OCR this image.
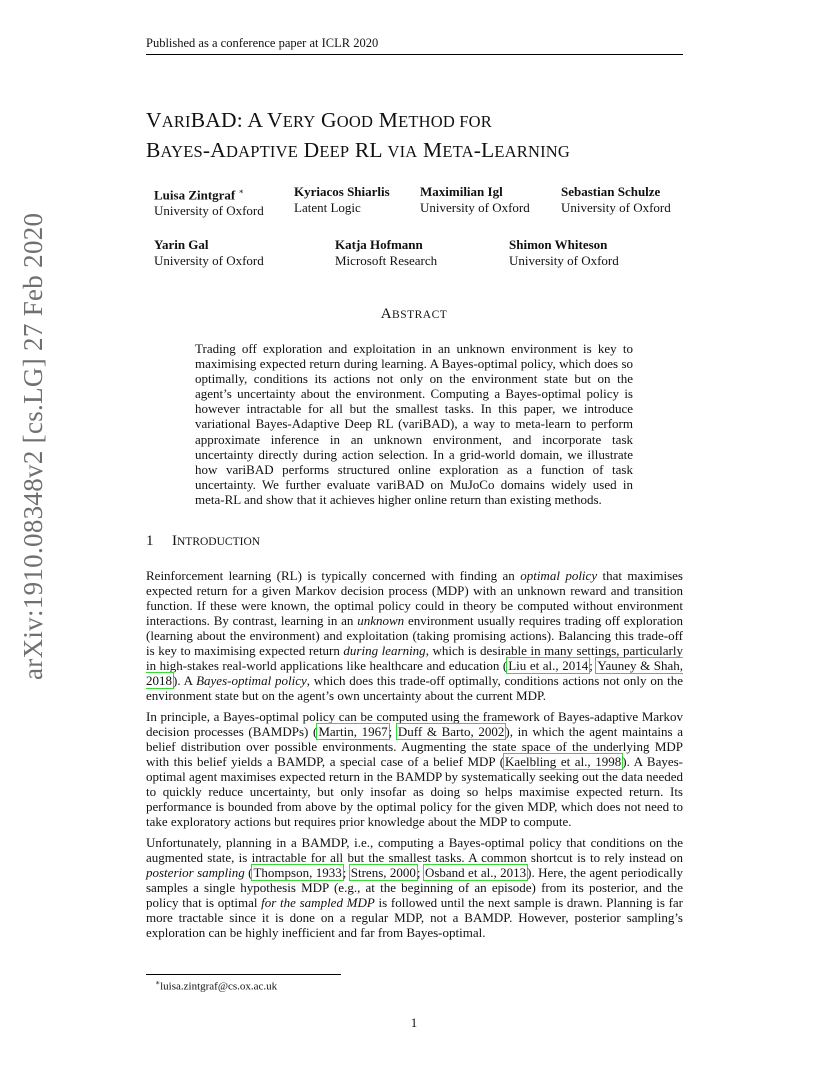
Published as a conference paper at ICLR 2020
arXiv:1910.08348v2 [cs.LG] 27 Feb 2020
VARIBAD: A VERY GOOD METHOD FOR
BAYES-ADAPTIVE DEEP RL VIA META-LEARNING
Luisa Zintgraf ∗
University of Oxford
Kyriacos Shiarlis
Latent Logic
Maximilian Igl
University of Oxford
Sebastian Schulze
University of Oxford
Yarin Gal
University of Oxford
Katja Hofmann
Microsoft Research
Shimon Whiteson
University of Oxford
ABSTRACT
Trading off exploration and exploitation in an unknown environment is key to maximising expected return during learning. A Bayes-optimal policy, which does so optimally, conditions its actions not only on the environment state but on the agent’s uncertainty about the environment. Computing a Bayes-optimal policy is however intractable for all but the smallest tasks. In this paper, we introduce variational Bayes-Adaptive Deep RL (variBAD), a way to meta-learn to perform approximate inference in an unknown environment, and incorporate task uncertainty directly during action selection. In a grid-world domain, we illustrate how variBAD performs structured online exploration as a function of task uncertainty. We further evaluate variBAD on MuJoCo domains widely used in meta-RL and show that it achieves higher online return than existing methods.
1 INTRODUCTION

Reinforcement learning (RL) is typically concerned with finding an optimal policy that maximises expected return for a given Markov decision process (MDP) with an unknown reward and transition function. If these were known, the optimal policy could in theory be computed without environment interactions. By contrast, learning in an unknown environment usually requires trading off exploration (learning about the environment) and exploitation (taking promising actions). Balancing this trade-off is key to maximising expected return during learning, which is desirable in many settings, particularly in high-stakes real-world applications like healthcare and education (Liu et al., 2014; Yauney & Shah, 2018). A Bayes-optimal policy, which does this trade-off optimally, conditions actions not only on the environment state but on the agent’s own uncertainty about the current MDP.

In principle, a Bayes-optimal policy can be computed using the framework of Bayes-adaptive Markov decision processes (BAMDPs) (Martin, 1967; Duff & Barto, 2002), in which the agent maintains a belief distribution over possible environments. Augmenting the state space of the underlying MDP with this belief yields a BAMDP, a special case of a belief MDP (Kaelbling et al., 1998). A Bayes-optimal agent maximises expected return in the BAMDP by systematically seeking out the data needed to quickly reduce uncertainty, but only insofar as doing so helps maximise expected return. Its performance is bounded from above by the optimal policy for the given MDP, which does not need to take exploratory actions but requires prior knowledge about the MDP to compute.

Unfortunately, planning in a BAMDP, i.e., computing a Bayes-optimal policy that conditions on the augmented state, is intractable for all but the smallest tasks. A common shortcut is to rely instead on posterior sampling (Thompson, 1933; Strens, 2000; Osband et al., 2013). Here, the agent periodically samples a single hypothesis MDP (e.g., at the beginning of an episode) from its posterior, and the policy that is optimal for the sampled MDP is followed until the next sample is drawn. Planning is far more tractable since it is done on a regular MDP, not a BAMDP. However, posterior sampling’s exploration can be highly inefficient and far from Bayes-optimal.

∗luisa.zintgraf@cs.ox.ac.uk
1
